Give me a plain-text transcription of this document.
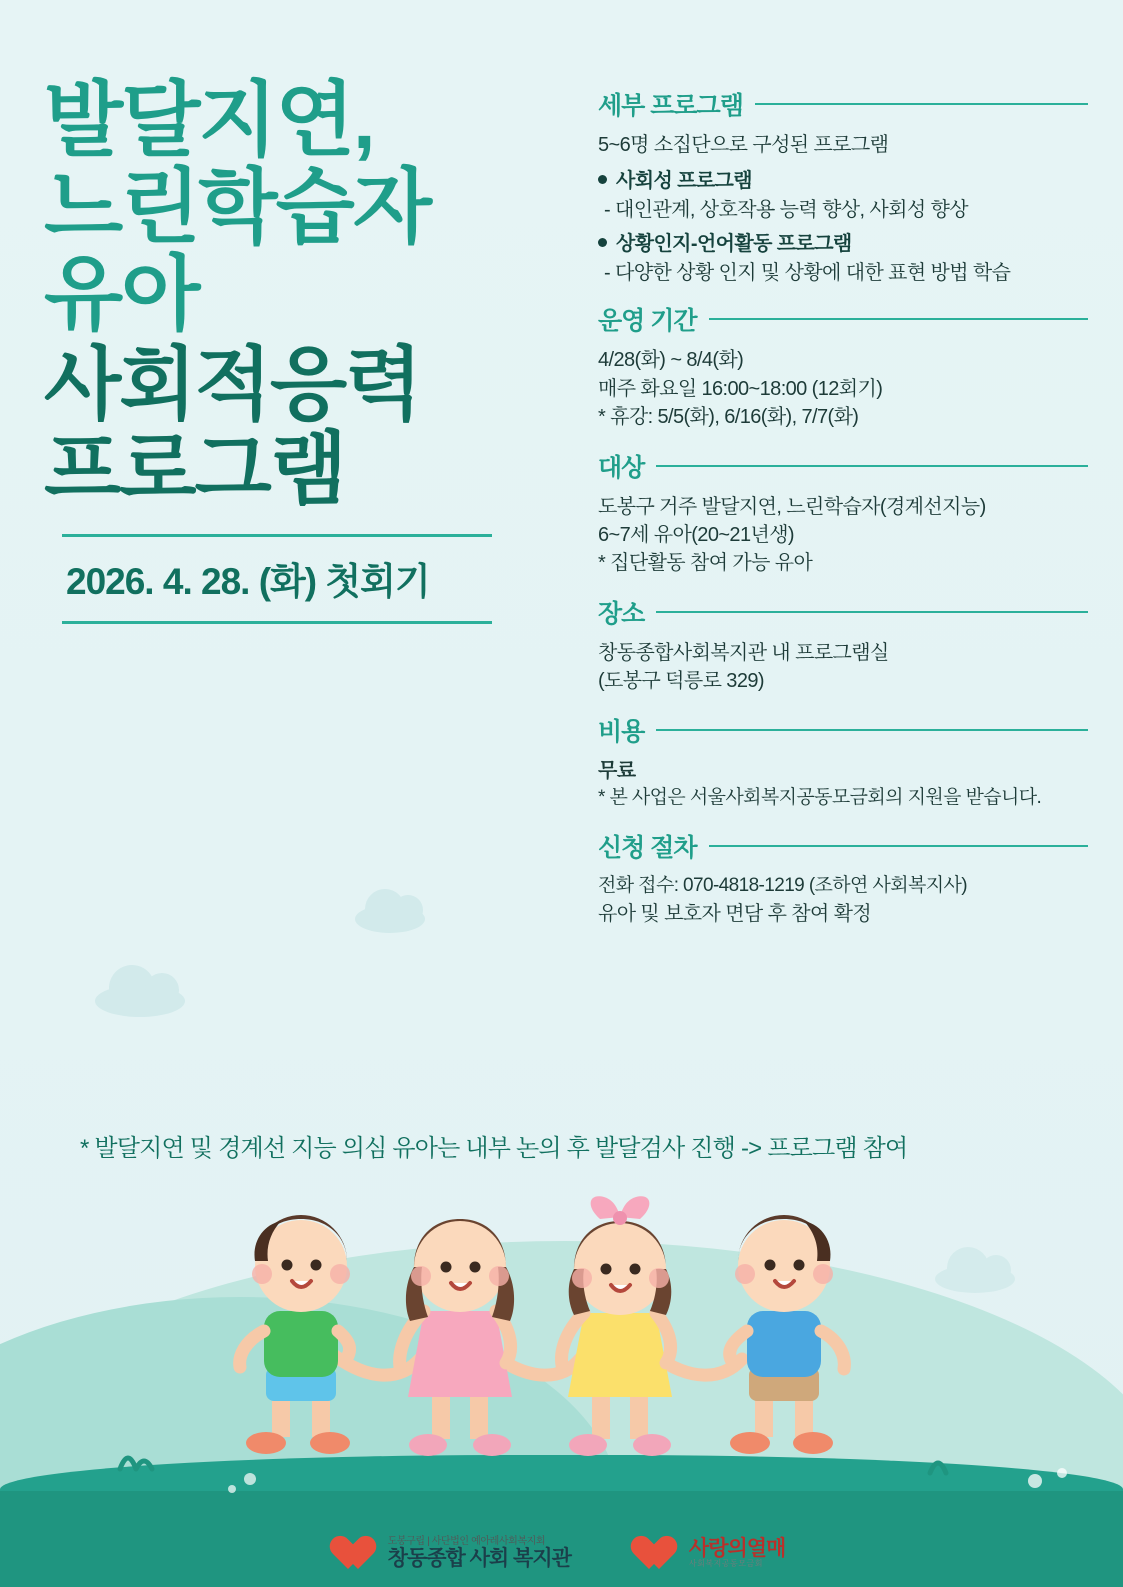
발달지연,
느린학습자
유아
사회적응력
프로그램
2026. 4. 28. (화) 첫회기
세부 프로그램
5~6명 소집단으로 구성된 프로그램
사회성 프로그램
- 대인관계, 상호작용 능력 향상, 사회성 향상
상황인지-언어활동 프로그램
- 다양한 상황 인지 및 상황에 대한 표현 방법 학습
운영 기간
4/28(화) ~ 8/4(화)
매주 화요일 16:00~18:00 (12회기)
* 휴강: 5/5(화), 6/16(화), 7/7(화)
대상
도봉구 거주 발달지연, 느린학습자(경계선지능)
6~7세 유아(20~21년생)
* 집단활동 참여 가능 유아
장소
창동종합사회복지관 내 프로그램실
(도봉구 덕릉로 329)
비용
무료
* 본 사업은 서울사회복지공동모금회의 지원을 받습니다.
신청 절차
전화 접수: 070-4818-1219 (조하연 사회복지사)
유아 및 보호자 면담 후 참여 확정
* 발달지연 및 경계선 지능 의심 유아는 내부 논의 후 발달검사 진행 -> 프로그램 참여
도봉구립 | 사단법인 예아레사회복지회
창동종합 사회 복지관	사랑의열매
사회복지공동모금회
